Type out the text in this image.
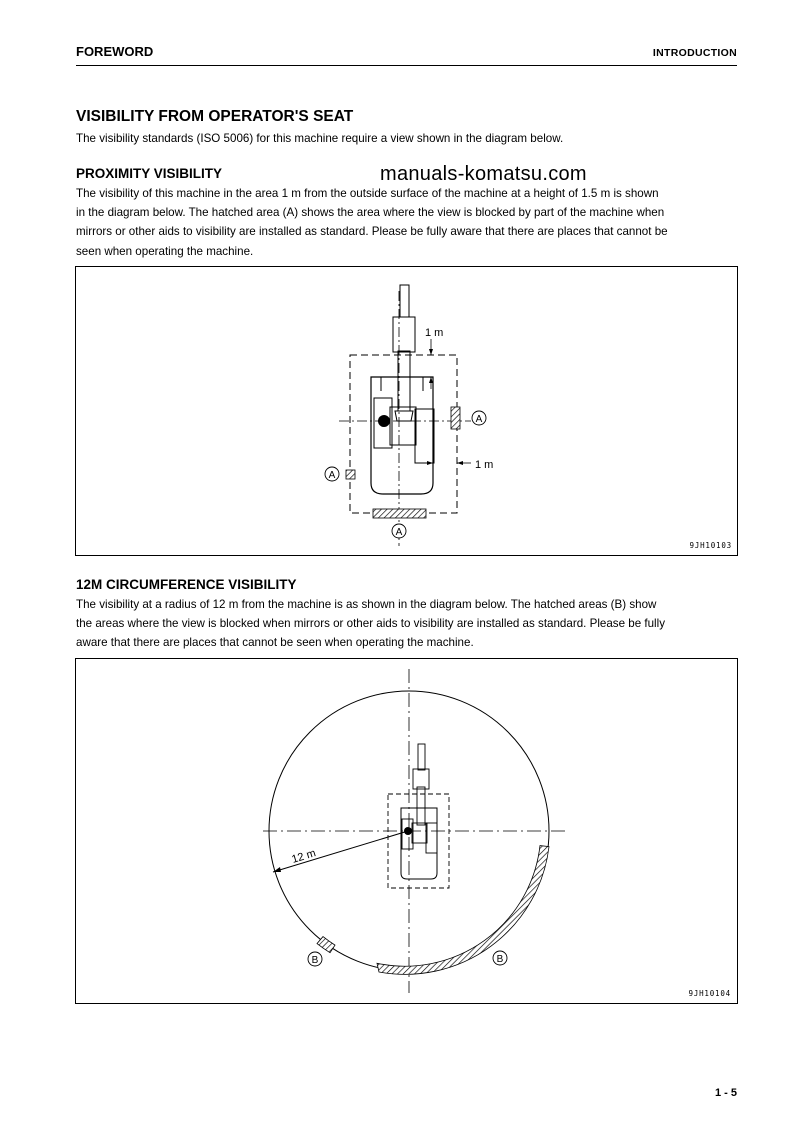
FOREWORD	INTRODUCTION
VISIBILITY FROM OPERATOR'S SEAT
The visibility standards (ISO 5006) for this machine require a view shown in the diagram below.
manuals-komatsu.com
PROXIMITY VISIBILITY
The visibility of this machine in the area 1 m from the outside surface of the machine at a height of 1.5 m is shown
in the diagram below. The hatched area (A) shows the area where the view is blocked by part of the machine when
mirrors or other aids to visibility are installed as standard. Please be fully aware that there are places that cannot be
seen when operating the machine.
1 m
1 m
A
A
A
9JH10103
12M CIRCUMFERENCE VISIBILITY
The visibility at a radius of 12 m from the machine is as shown in the diagram below. The hatched areas (B) show
the areas where the view is blocked when mirrors or other aids to visibility are installed as standard. Please be fully
aware that there are places that cannot be seen when operating the machine.
12 m
B	B
9JH10104
1 - 5
